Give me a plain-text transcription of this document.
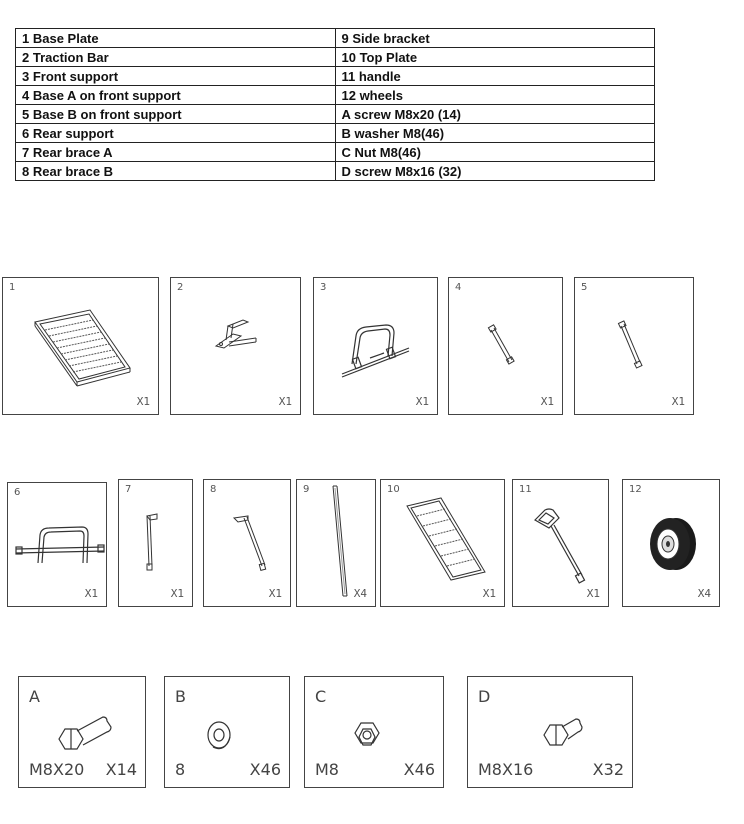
1 Base Plate	9 Side bracket
2 Traction Bar	10 Top Plate
3 Front support	11 handle
4 Base A on front support	12 wheels
5 Base B on front support	A screw M8x20 (14)
6 Rear support	B washer M8(46)
7 Rear brace A	C Nut M8(46)
8 Rear brace B	D screw M8x16 (32)
1
X1
2
X1
3
X1
4
X1
5
X1
6
X1
7
X1
8
X1
9
X4
10
X1
11
X1
12
X4
A
M8X20 X14
B
8	X46
C
M8	X46
D
M8X16	X32
